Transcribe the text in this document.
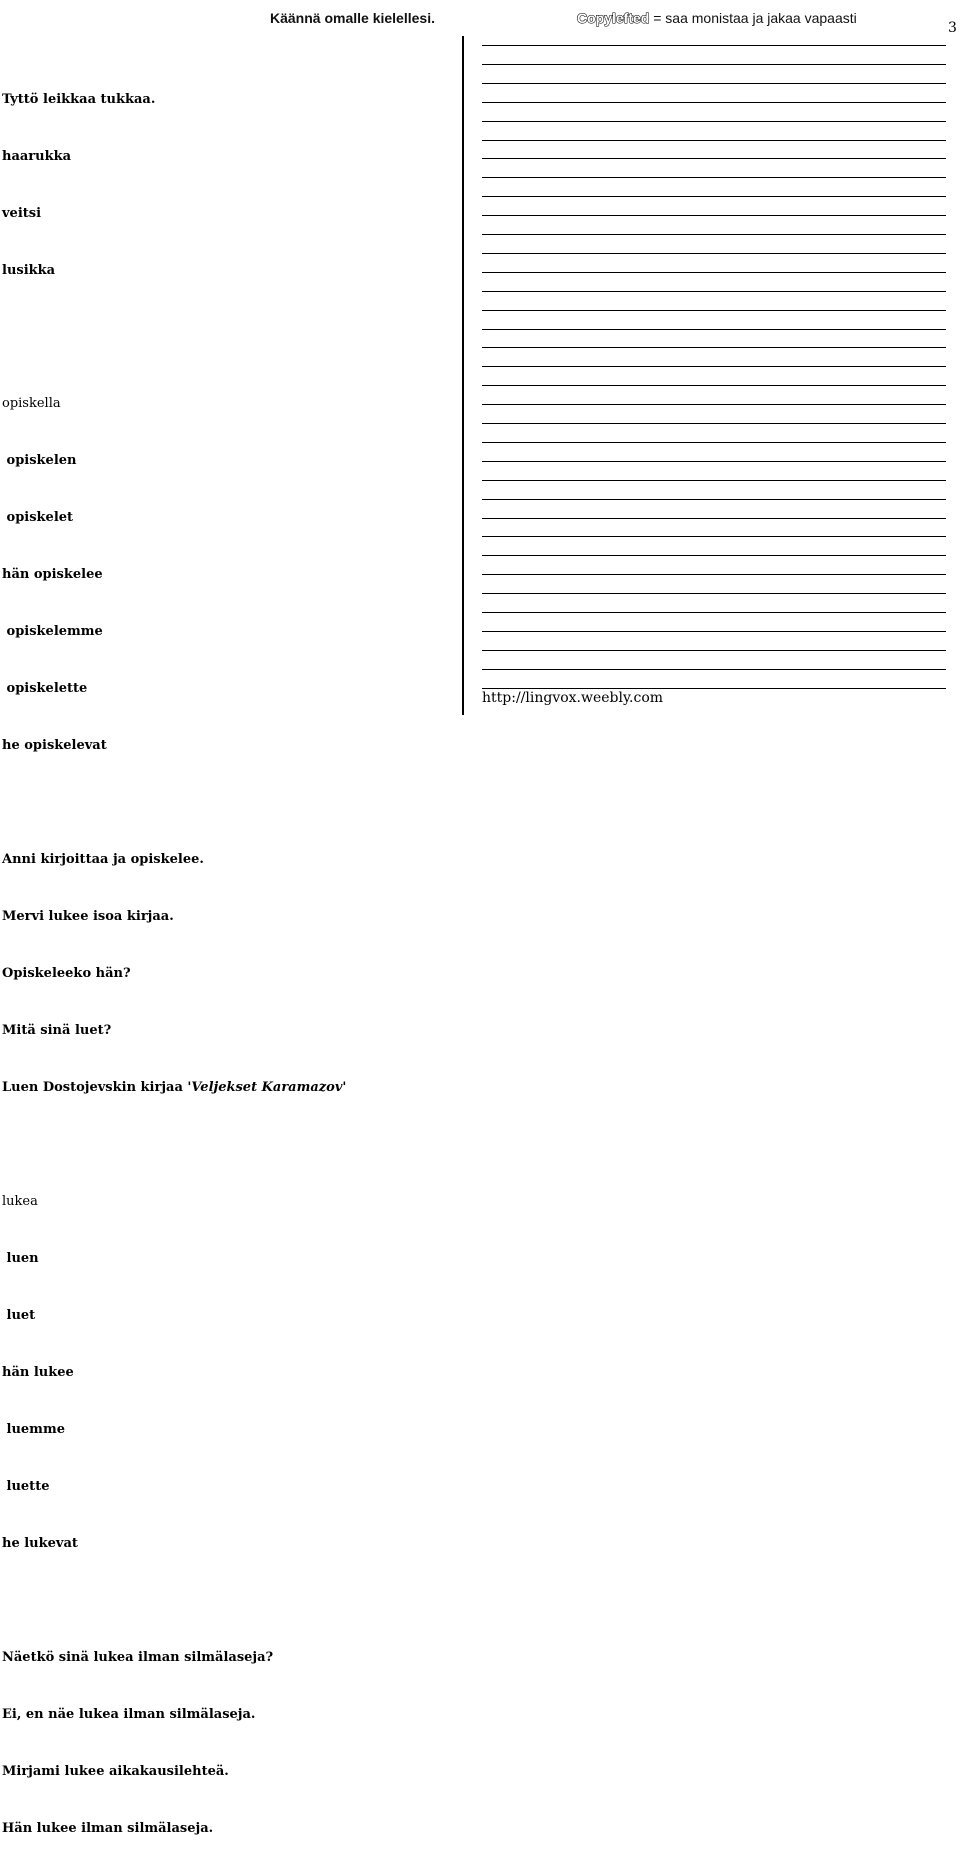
Käännä omalle kielellesi.	Copylefted = saa monistaa ja jakaa vapaasti
3

Tyttö leikkaa tukkaa.

haarukka

veitsi

lusikka

opiskella

opiskelen

opiskelet

hän opiskelee

opiskelemme

opiskelette

he opiskelevat

Anni kirjoittaa ja opiskelee.

Mervi lukee isoa kirjaa.

Opiskeleeko hän?

Mitä sinä luet?

Luen Dostojevskin kirjaa 'Veljekset Karamazov'

lukea

luen

luet

hän lukee

luemme

luette

he lukevat

Näetkö sinä lukea ilman silmälaseja?

Ei, en näe lukea ilman silmälaseja.

Mirjami lukee aikakausilehteä.

Hän lukee ilman silmälaseja.

http://lingvox.weebly.com
